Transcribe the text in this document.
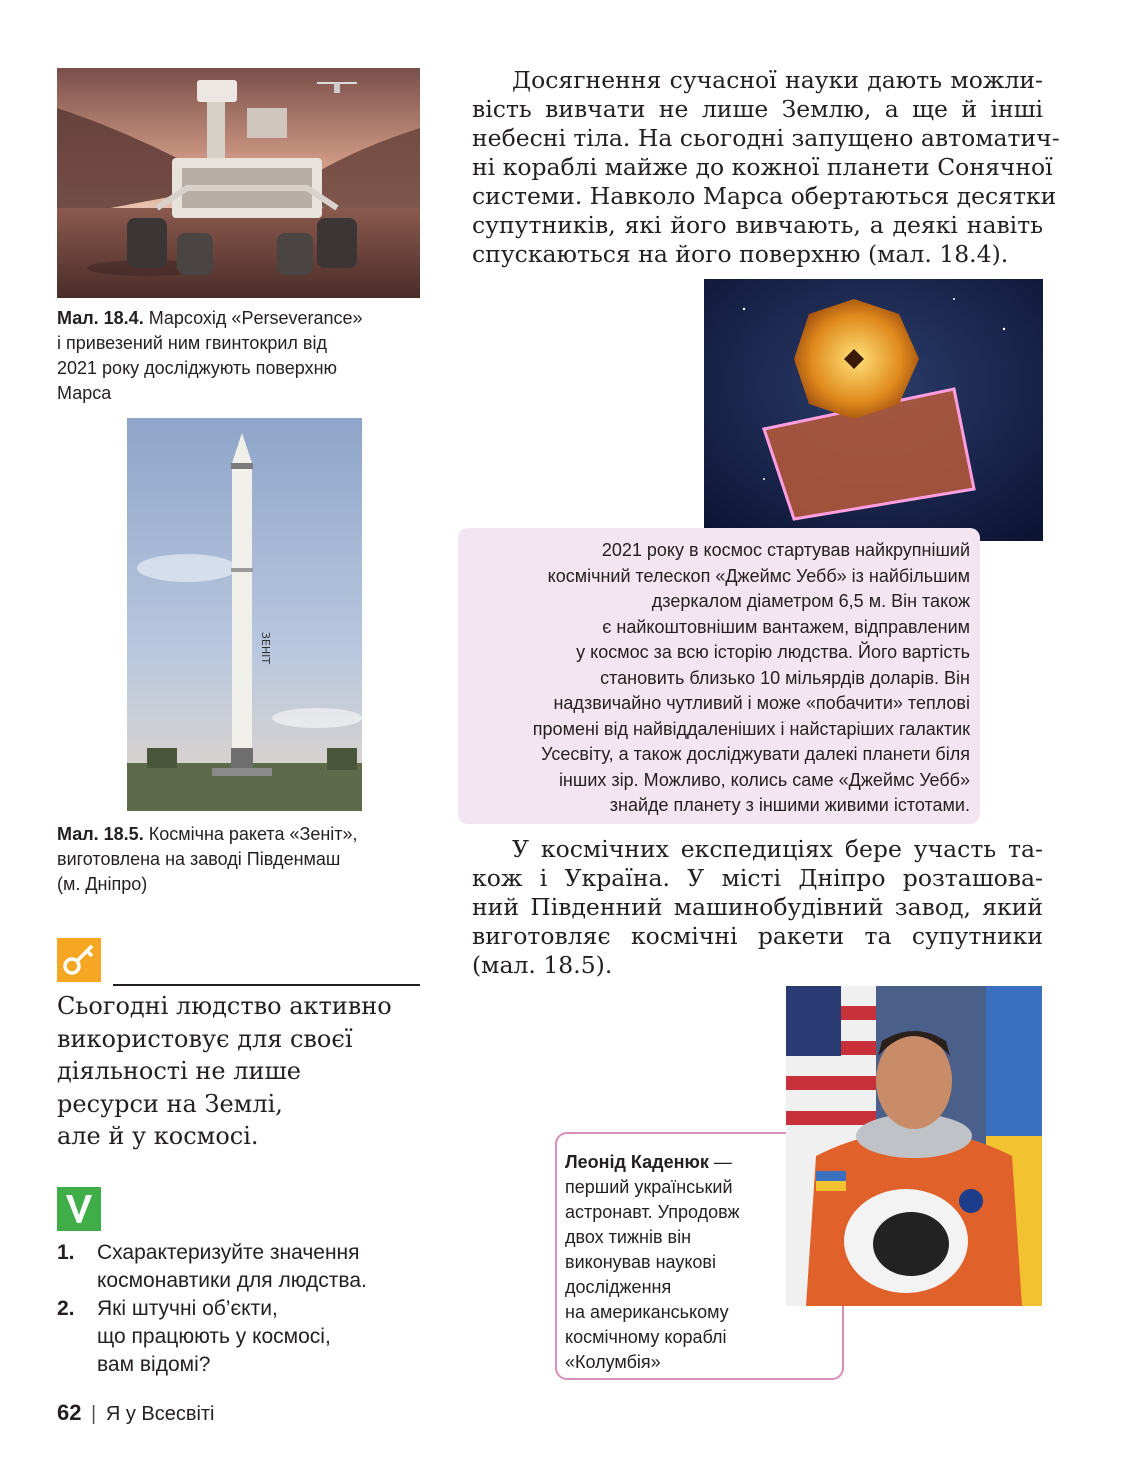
Мал. 18.4. Марсохід «Perseverance»
і привезений ним гвинтокрил від
2021 року досліджують поверхню
Марса
ЗЕНІТ
Мал. 18.5. Космічна ракета «Зеніт»,
виготовлена на заводі Південмаш
(м. Дніпро)
Сьогодні людство активно
використовує для своєї
діяльності не лише
ресурси на Землі,
але й у космосі.
1. Схарактеризуйте значення
космонавтики для людства.
2. Які штучні об’єкти,
що працюють у космосі,
вам відомі?
62 | Я у Всесвіті
Досягнення сучасної науки дають можли-
вість вивчати не лише Землю, а ще й інші
небесні тіла. На сьогодні запущено автоматич-
ні кораблі майже до кожної планети Сонячної
системи. Навколо Марса обертаються десятки
супутників, які його вивчають, а деякі навіть
спускаються на його поверхню (мал. 18.4).
2021 року в космос стартував найкрупніший
космічний телескоп «Джеймс Уебб» із найбільшим
дзеркалом діаметром 6,5 м. Він також
є найкоштовнішим вантажем, відправленим
у космос за всю історію людства. Його вартість
становить близько 10 мільярдів доларів. Він
надзвичайно чутливий і може «побачити» теплові
промені від найвіддаленіших і найстаріших галактик
Усесвіту, а також досліджувати далекі планети біля
інших зір. Можливо, колись саме «Джеймс Уебб»
знайде планету з іншими живими істотами.
У космічних експедиціях бере участь та-
кож і Україна. У місті Дніпро розташова-
ний Південний машинобудівний завод, який
виготовляє космічні ракети та супутники
(мал. 18.5).
Леонід Каденюк —
перший український
астронавт. Упродовж
двох тижнів він
виконував наукові
дослідження
на американському
космічному кораблі
«Колумбія»
